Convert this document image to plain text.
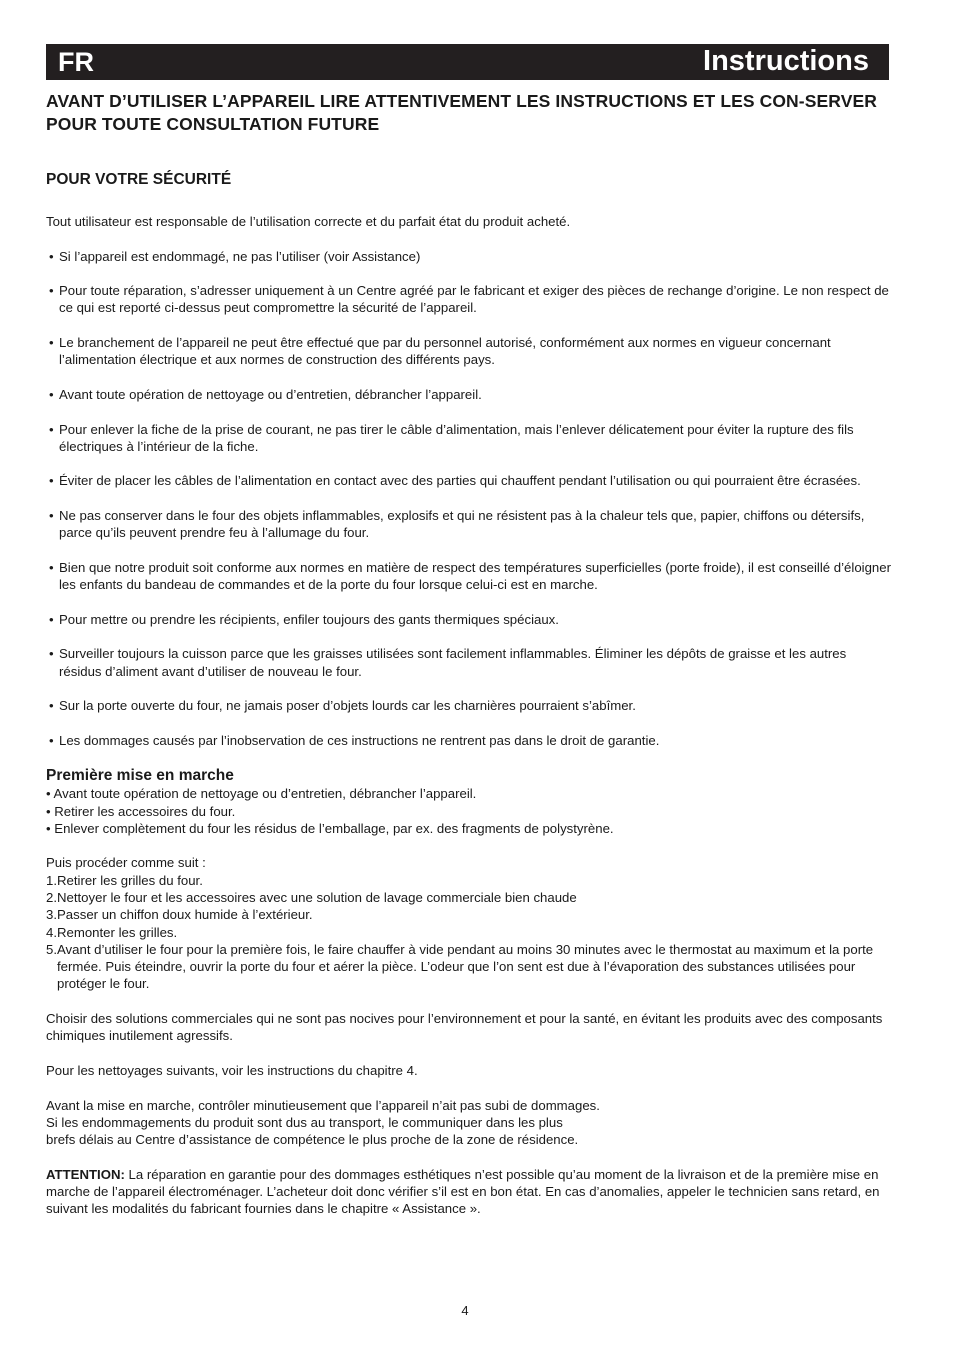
FR	Instructions
AVANT D’UTILISER L’APPAREIL LIRE ATTENTIVEMENT LES INSTRUCTIONS ET LES CON-SERVER POUR TOUTE CONSULTATION FUTURE
POUR VOTRE SÉCURITÉ

Tout utilisateur est responsable de l’utilisation correcte et du parfait état du produit acheté.

• Si l’appareil est endommagé, ne pas l’utiliser (voir Assistance)
• Pour toute réparation, s’adresser uniquement à un Centre agréé par le fabricant et exiger des pièces de rechange d’origine. Le non respect de ce qui est reporté ci-dessus peut compromettre la sécurité de l’appareil.
• Le branchement de l’appareil ne peut être effectué que par du personnel autorisé, conformément aux normes en vigueur concernant l’alimentation électrique et aux normes de construction des différents pays.
• Avant toute opération de nettoyage ou d’entretien, débrancher l’appareil.
• Pour enlever la fiche de la prise de courant, ne pas tirer le câble d’alimentation, mais l’enlever délicatement pour éviter la rupture des fils électriques à l’intérieur de la fiche.
• Éviter de placer les câbles de l’alimentation en contact avec des parties qui chauffent pendant l’utilisation ou qui pourraient être écrasées.
• Ne pas conserver dans le four des objets inflammables, explosifs et qui ne résistent pas à la chaleur tels que, papier, chiffons ou détersifs, parce qu’ils peuvent prendre feu à l’allumage du four.
• Bien que notre produit soit conforme aux normes en matière de respect des températures superficielles (porte froide), il est conseillé d’éloigner les enfants du bandeau de commandes et de la porte du four lorsque celui-ci est en marche.
• Pour mettre ou prendre les récipients, enfiler toujours des gants thermiques spéciaux.
• Surveiller toujours la cuisson parce que les graisses utilisées sont facilement inflammables. Éliminer les dépôts de graisse et les autres résidus d’aliment avant d’utiliser de nouveau le four.
• Sur la porte ouverte du four, ne jamais poser d’objets lourds car les charnières pourraient s’abîmer.
• Les dommages causés par l’inobservation de ces instructions ne rentrent pas dans le droit de garantie.
Première mise en marche
• Avant toute opération de nettoyage ou d’entretien, débrancher l’appareil.
• Retirer les accessoires du four.
• Enlever complètement du four les résidus de l’emballage, par ex. des fragments de polystyrène.

Puis procéder comme suit :

1.Retirer les grilles du four.
2.Nettoyer le four et les accessoires avec une solution de lavage commerciale bien chaude
3.Passer un chiffon doux humide à l’extérieur.
4.Remonter les grilles.
5.Avant d’utiliser le four pour la première fois, le faire chauffer à vide pendant au moins 30 minutes avec le thermostat au maximum et la porte fermée. Puis éteindre, ouvrir la porte du four et aérer la pièce. L’odeur que l’on sent est due à l’évaporation des substances utilisées pour protéger le four.

Choisir des solutions commerciales qui ne sont pas nocives pour l’environnement et pour la santé, en évitant les produits avec des composants chimiques inutilement agressifs.

Pour les nettoyages suivants, voir les instructions du chapitre 4.

Avant la mise en marche, contrôler minutieusement que l’appareil n’ait pas subi de dommages.

Si les endommagements du produit sont dus au transport, le communiquer dans les plus

brefs délais au Centre d’assistance de compétence le plus proche de la zone de résidence.

ATTENTION: La réparation en garantie pour des dommages esthétiques n’est possible qu’au moment de la livraison et de la première mise en marche de l’appareil électroménager. L’acheteur doit donc vérifier s’il est en bon état. En cas d’anomalies, appeler le technicien sans retard, en suivant les modalités du fabricant fournies dans le chapitre « Assistance ».

4
